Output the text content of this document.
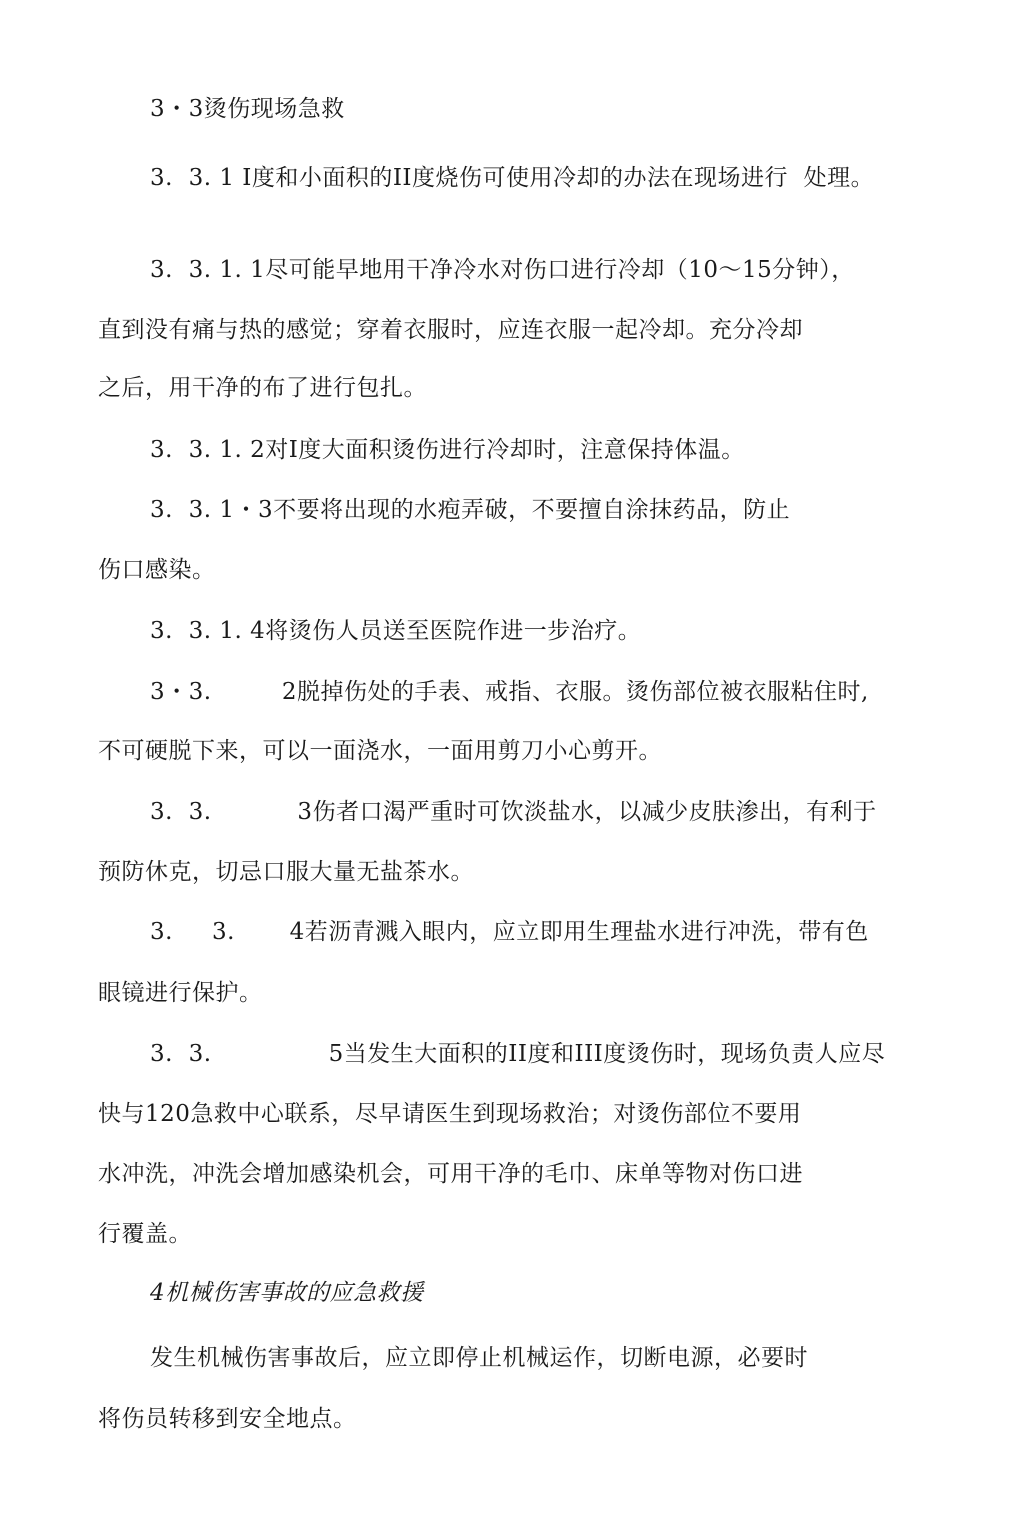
3・3烫伤现场急救
3.  3. 1 I度和小面积的II度烧伤可使用冷却的办法在现场进行  处理。
3.  3. 1. 1尽可能早地用干净冷水对伤口进行冷却（10～15分钟），
直到没有痛与热的感觉；穿着衣服时，应连衣服一起冷却。充分冷却
之后，用干净的布了进行包扎。
3.  3. 1. 2对I度大面积烫伤进行冷却时，注意保持体温。
3.  3. 1・3不要将出现的水疱弄破，不要擅自涂抹药品，防止
伤口感染。
3.  3. 1. 4将烫伤人员送至医院作进一步治疗。
3・3.         2脱掉伤处的手表、戒指、衣服。烫伤部位被衣服粘住时,
不可硬脱下来，可以一面浇水，一面用剪刀小心剪开。
3.  3.           3伤者口渴严重时可饮淡盐水，以减少皮肤渗出，有利于
预防休克，切忌口服大量无盐茶水。
3.     3.       4若沥青溅入眼内，应立即用生理盐水进行冲洗，带有色
眼镜进行保护。
3.  3.               5当发生大面积的II度和III度烫伤时，现场负责人应尽
快与120急救中心联系，尽早请医生到现场救治；对烫伤部位不要用
水冲洗，冲洗会增加感染机会，可用干净的毛巾、床单等物对伤口进
行覆盖。
4机械伤害事故的应急救援
发生机械伤害事故后，应立即停止机械运作，切断电源，必要时
将伤员转移到安全地点。
